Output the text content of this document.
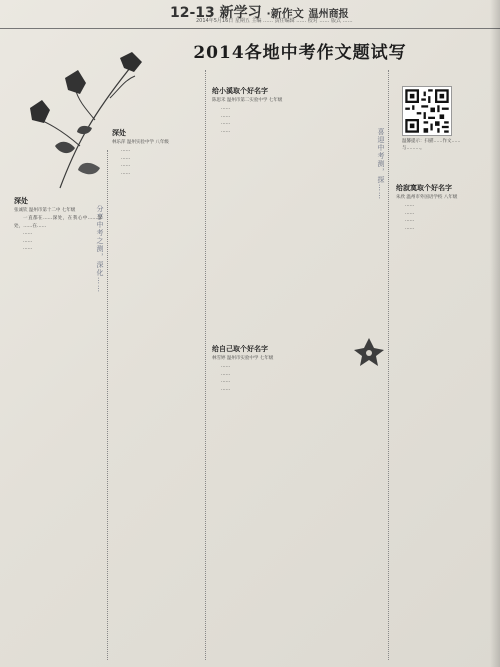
12-13 新学习 ·新作文 温州商报
2014年5月16日 星期五 主编 …… 责任编辑 …… 校对 …… 版式 ……
2014各地中考作文题试写
分享中考之测，深化……
喜迎中考测，探……
深处
张诚钦 温州市第十二中 七年级

一直都在……深处，在我心中……深处，……在……

……

……

……

深处
林乐萍 温州实验中学 八年级

……

……

……

……

给小溪取个好名字
陈思禾 温州市第二实验中学 七年级

……

……

……

……

给自己取个好名字
林雪婷 温州市实验中学 七年级

……

……

……

……

温馨提示：扫描……作文……与………。
给寂寞取个好名字
朱欣 温州市外国语学校 八年级

……

……

……

……
